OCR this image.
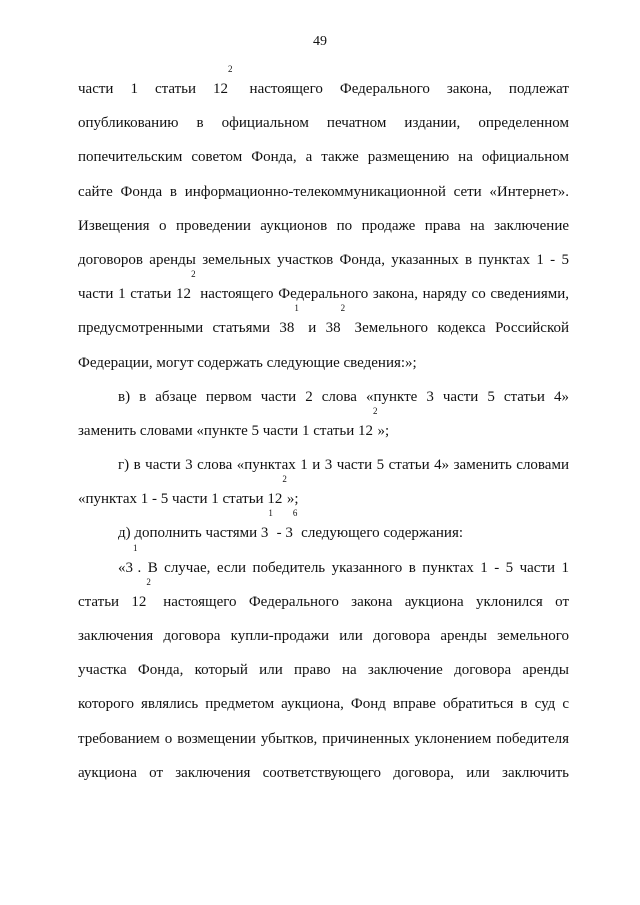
49
части 1 статьи $12^2$ настоящего Федерального закона, подлежат
опубликованию в официальном печатном издании, определенном
попечительским советом Фонда, а также размещению на официальном
сайте Фонда в информационно-телекоммуникационной сети «Интернет».
Извещения о проведении аукционов по продаже права на заключение
договоров аренды земельных участков Фонда, указанных в пунктах 1 - 5
части 1 статьи $12^2$ настоящего Федерального закона, наряду со сведениями,
предусмотренными статьями $38^1$ и $38^2$ Земельного кодекса Российской
Федерации, могут содержать следующие сведения:»;
в) в абзаце первом части 2 слова «пункте 3 части 5 статьи 4»
заменить словами «пункте 5 части 1 статьи $12^2$»;
г) в части 3 слова «пунктах 1 и 3 части 5 статьи 4» заменить словами
«пунктах 1 - 5 части 1 статьи $12^2$»;
д) дополнить частями $3^1 - 3^6$ следующего содержания:
«$3^1$. В случае, если победитель указанного в пунктах 1 - 5 части 1
статьи $12^2$ настоящего Федерального закона аукциона уклонился от
заключения договора купли-продажи или договора аренды земельного
участка Фонда, который или право на заключение договора аренды
которого являлись предметом аукциона, Фонд вправе обратиться в суд с
требованием о возмещении убытков, причиненных уклонением победителя
аукциона от заключения соответствующего договора, или заключить
